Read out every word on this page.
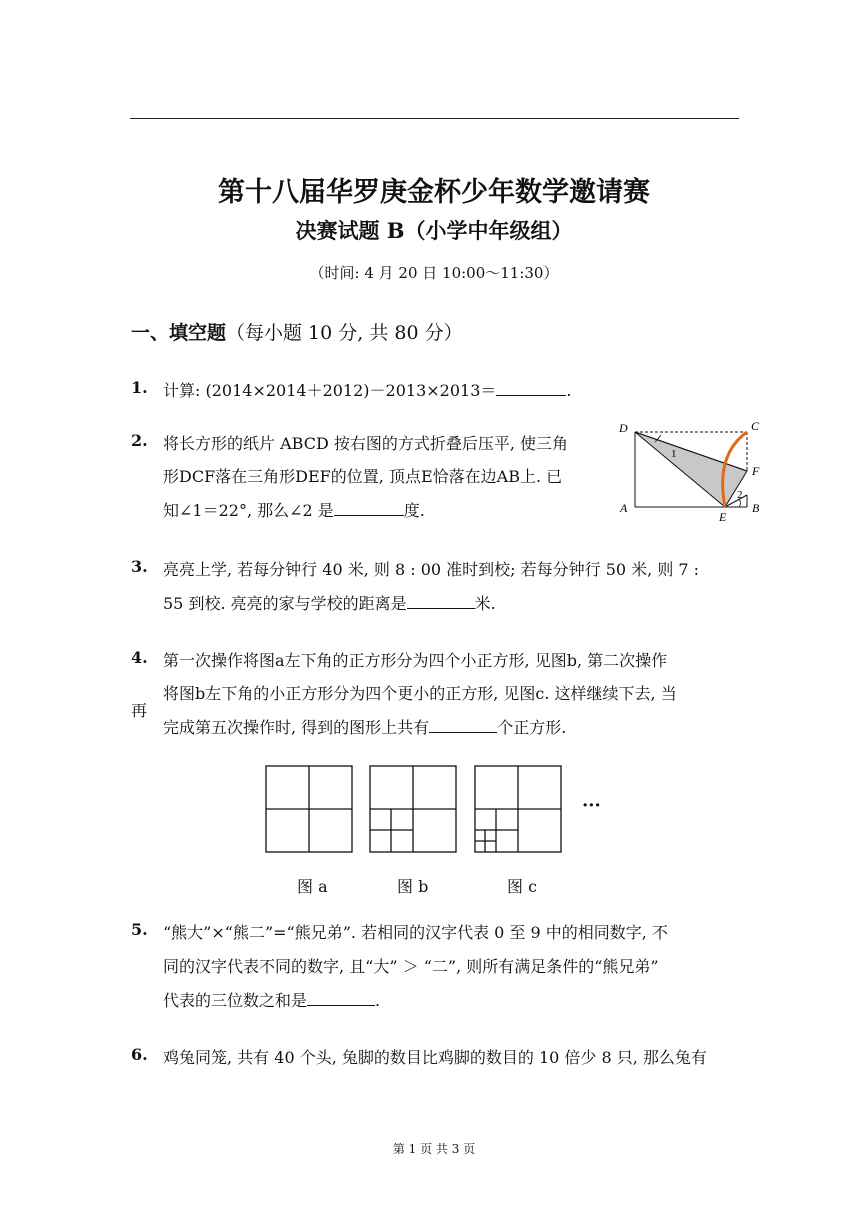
第十八届华罗庚金杯少年数学邀请赛
决赛试题 B（小学中年级组）
（时间: 4 月 20 日 10:00～11:30）
一、填空题（每小题 10 分, 共 80 分）
1. 计算: (2014×2014＋2012)－2013×2013＝	.
2. 将长方形的纸片 ABCD 按右图的方式折叠后压平, 使三角
形DCF落在三角形DEF的位置, 顶点E恰落在边AB上. 已
知∠1＝22°, 那么∠2 是	度.
D	C
F
A	B
E
1
2
3. 亮亮上学, 若每分钟行 40 米, 则 8 : 00 准时到校; 若每分钟行 50 米, 则 7 :
55 到校. 亮亮的家与学校的距离是	米.
4. 第一次操作将图a左下角的正方形分为四个小正方形, 见图b, 第二次操作
再
将图b左下角的小正方形分为四个更小的正方形, 见图c. 这样继续下去, 当
完成第五次操作时, 得到的图形上共有	个正方形.
···
图 a	图 b	图 c
5. “熊大”×“熊二”=“熊兄弟”. 若相同的汉字代表 0 至 9 中的相同数字, 不
同的汉字代表不同的数字, 且“大” ＞ “二”, 则所有满足条件的“熊兄弟”
代表的三位数之和是	.
6. 鸡兔同笼, 共有 40 个头, 兔脚的数目比鸡脚的数目的 10 倍少 8 只, 那么兔有
第 1 页 共 3 页
